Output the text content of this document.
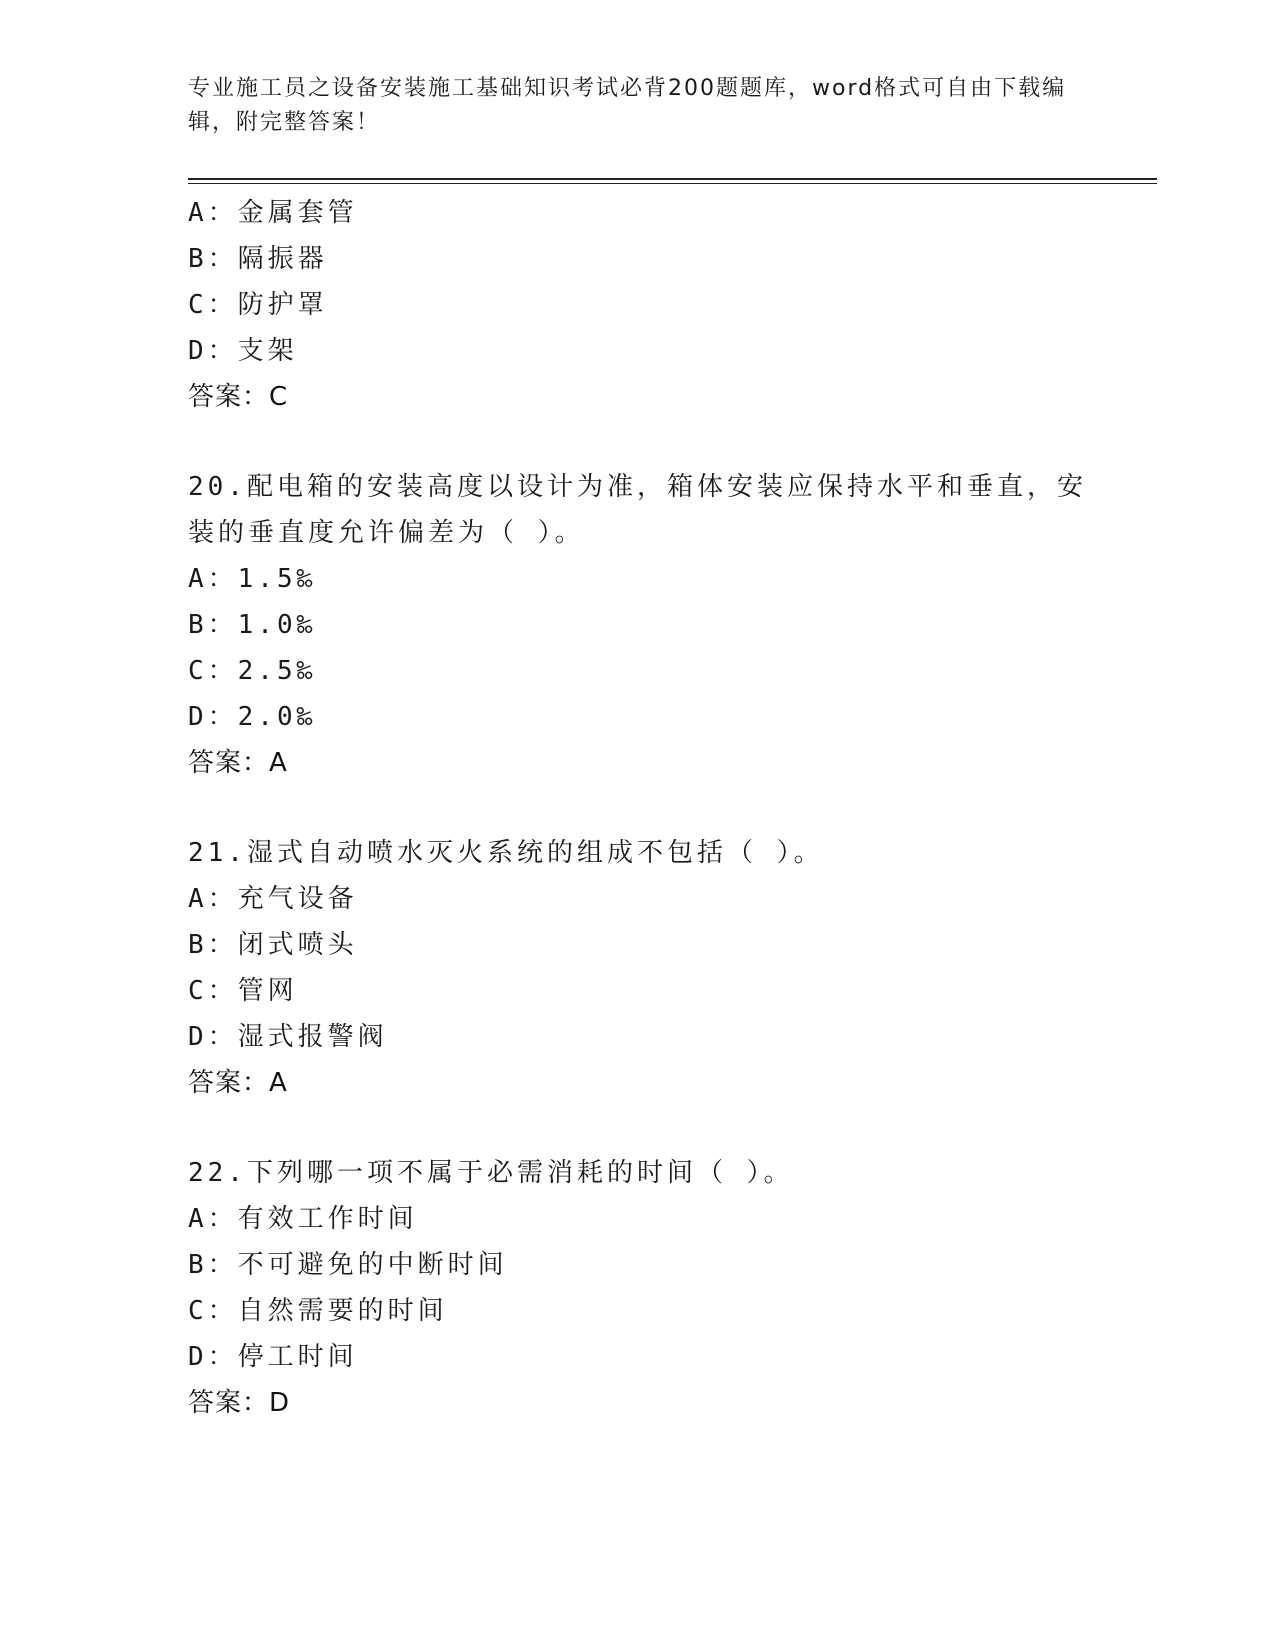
专业施工员之设备安装施工基础知识考试必背200题题库，word格式可自由下载编辑，附完整答案！
A：金属套管
B：隔振器
C：防护罩
D：支架
答案：C
20.配电箱的安装高度以设计为准，箱体安装应保持水平和垂直，安装的垂直度允许偏差为（ ）。
A：1.5‰
B：1.0‰
C：2.5‰
D：2.0‰
答案：A
21.湿式自动喷水灭火系统的组成不包括（ ）。
A：充气设备
B：闭式喷头
C：管网
D：湿式报警阀
答案：A
22.下列哪一项不属于必需消耗的时间（ ）。
A：有效工作时间
B：不可避免的中断时间
C：自然需要的时间
D：停工时间
答案：D
